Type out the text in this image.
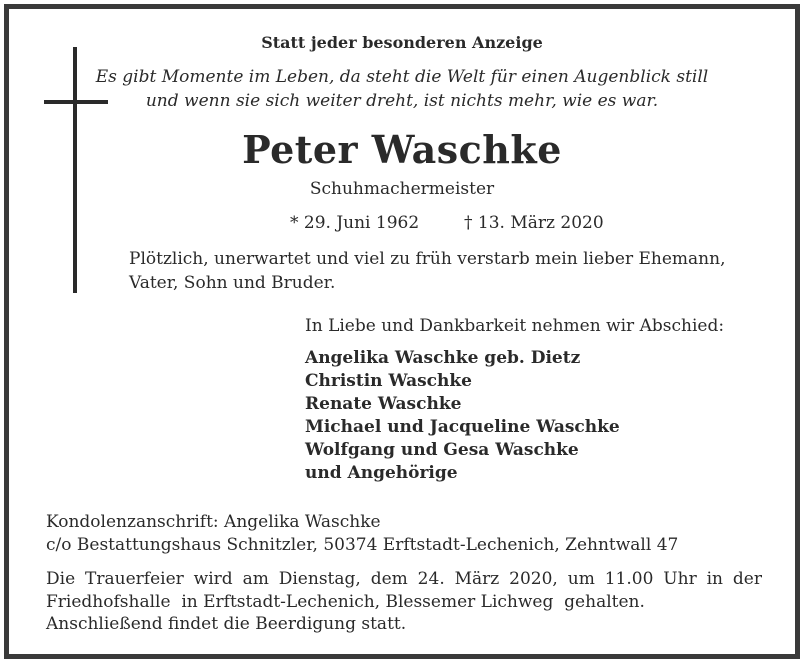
Statt jeder besonderen Anzeige
Es gibt Momente im Leben, da steht die Welt für einen Augenblick still
und wenn sie sich weiter dreht, ist nichts mehr, wie es war.
Peter Waschke
Schuhmachermeister
* 29. Juni 1962	† 13. März 2020
Plötzlich, unerwartet und viel zu früh verstarb mein lieber Ehemann,
Vater, Sohn und Bruder.
In Liebe und Dankbarkeit nehmen wir Abschied:
Angelika Waschke geb. Dietz
Christin Waschke
Renate Waschke
Michael und Jacqueline Waschke
Wolfgang und Gesa Waschke
und Angehörige
Kondolenzanschrift: Angelika Waschke
c/o Bestattungshaus Schnitzler, 50374 Erftstadt-Lechenich, Zehntwall 47
Die Trauerfeier wird am Dienstag, dem 24. März 2020, um 11.00 Uhr in der
Friedhofshalle  in Erftstadt-Lechenich, Blessemer Lichweg  gehalten.
Anschließend findet die Beerdigung statt.
